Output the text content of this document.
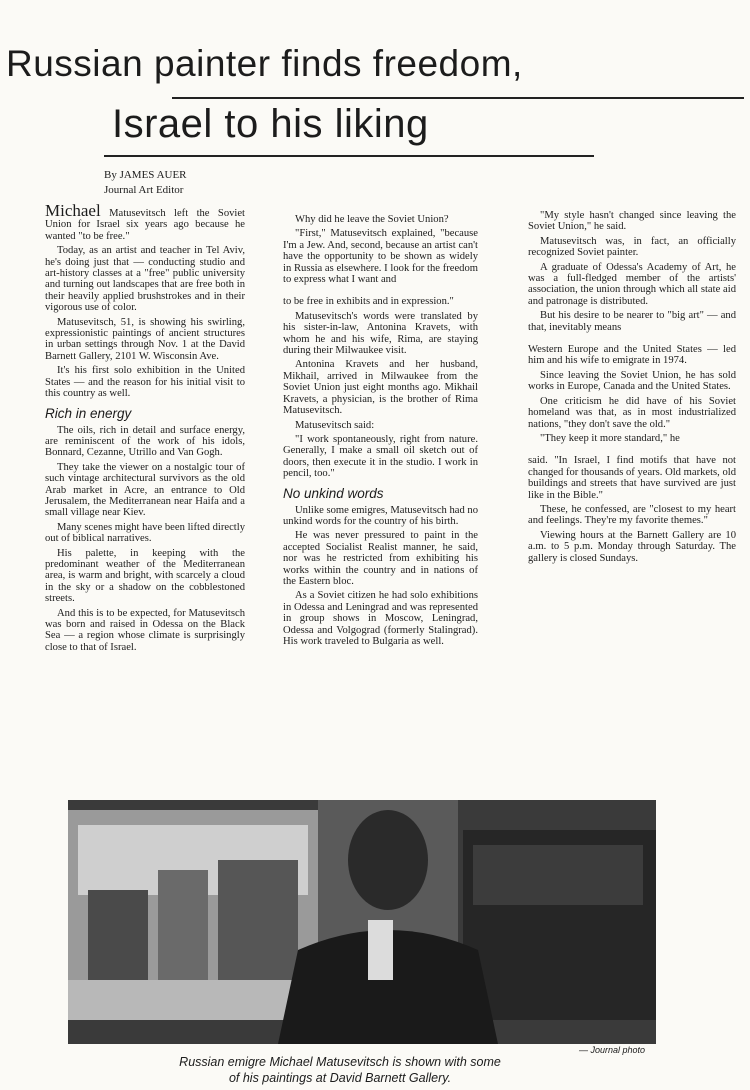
Russian painter finds freedom,
Israel to his liking
By JAMES AUER
Journal Art Editor

Michael Matusevitsch left the Soviet Union for Israel six years ago because he wanted "to be free."

Today, as an artist and teacher in Tel Aviv, he's doing just that — conducting studio and art-history classes at a "free" public university and turning out landscapes that are free both in their heavily applied brushstrokes and in their vigorous use of color.

Matusevitsch, 51, is showing his swirling, expressionistic paintings of ancient structures in urban settings through Nov. 1 at the David Barnett Gallery, 2101 W. Wisconsin Ave.

It's his first solo exhibition in the United States — and the reason for his initial visit to this country as well.

Rich in energy

The oils, rich in detail and surface energy, are reminiscent of the work of his idols, Bonnard, Cezanne, Utrillo and Van Gogh.

They take the viewer on a nostalgic tour of such vintage architectural survivors as the old Arab market in Acre, an entrance to Old Jerusalem, the Mediterranean near Haifa and a small village near Kiev.

Many scenes might have been lifted directly out of biblical narratives.

His palette, in keeping with the predominant weather of the Mediterranean area, is warm and bright, with scarcely a cloud in the sky or a shadow on the cobblestoned streets.

And this is to be expected, for Matusevitsch was born and raised in Odessa on the Black Sea — a region whose climate is surprisingly close to that of Israel.

Why did he leave the Soviet Union?

"First," Matusevitsch explained, "because I'm a Jew. And, second, because an artist can't have the opportunity to be shown as widely in Russia as elsewhere. I look for the freedom to express what I want and

to be free in exhibits and in expression."

Matusevitsch's words were translated by his sister-in-law, Antonina Kravets, with whom he and his wife, Rima, are staying during their Milwaukee visit.

Antonina Kravets and her husband, Mikhail, arrived in Milwaukee from the Soviet Union just eight months ago. Mikhail Kravets, a physician, is the brother of Rima Matusevitsch.

Matusevitsch said:

"I work spontaneously, right from nature. Generally, I make a small oil sketch out of doors, then execute it in the studio. I work in pencil, too."

No unkind words

Unlike some emigres, Matusevitsch had no unkind words for the country of his birth.

He was never pressured to paint in the accepted Socialist Realist manner, he said, nor was he restricted from exhibiting his works within the country and in nations of the Eastern bloc.

As a Soviet citizen he had solo exhibitions in Odessa and Leningrad and was represented in group shows in Moscow, Leningrad, Odessa and Volgograd (formerly Stalingrad). His work traveled to Bulgaria as well.

"My style hasn't changed since leaving the Soviet Union," he said.

Matusevitsch was, in fact, an officially recognized Soviet painter.

A graduate of Odessa's Academy of Art, he was a full-fledged member of the artists' association, the union through which all state aid and patronage is distributed.

But his desire to be nearer to "big art" — and that, inevitably means

Western Europe and the United States — led him and his wife to emigrate in 1974.

Since leaving the Soviet Union, he has sold works in Europe, Canada and the United States.

One criticism he did have of his Soviet homeland was that, as in most industrialized nations, "they don't save the old."

"They keep it more standard," he

said. "In Israel, I find motifs that have not changed for thousands of years. Old markets, old buildings and streets that have survived are just like in the Bible."

These, he confessed, are "closest to my heart and feelings. They're my favorite themes."

Viewing hours at the Barnett Gallery are 10 a.m. to 5 p.m. Monday through Saturday. The gallery is closed Sundays.

— Journal photo
Russian emigre Michael Matusevitsch is shown with some
of his paintings at David Barnett Gallery.
